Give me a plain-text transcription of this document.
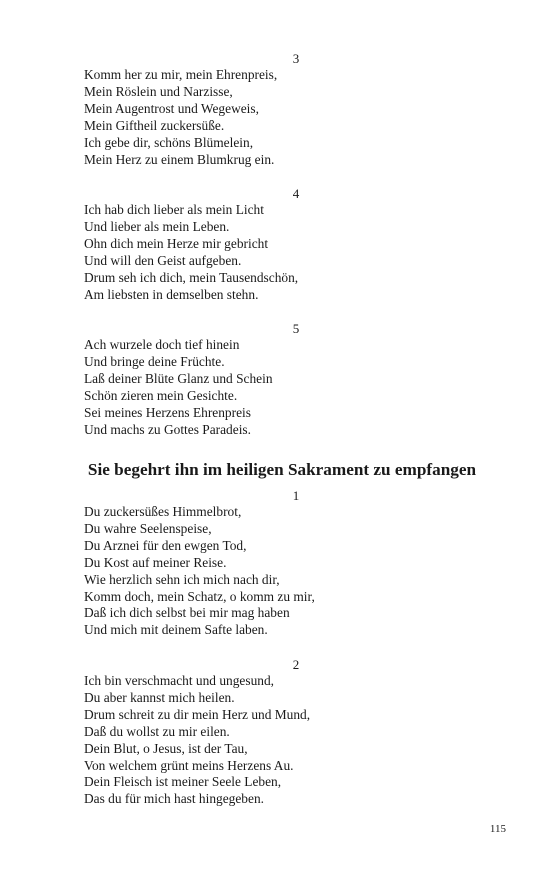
3
Komm her zu mir, mein Ehrenpreis,
Mein Röslein und Narzisse,
Mein Augentrost und Wegeweis,
Mein Giftheil zuckersüße.
Ich gebe dir, schöns Blümelein,
Mein Herz zu einem Blumkrug ein.
4
Ich hab dich lieber als mein Licht
Und lieber als mein Leben.
Ohn dich mein Herze mir gebricht
Und will den Geist aufgeben.
Drum seh ich dich, mein Tausendschön,
Am liebsten in demselben stehn.
5
Ach wurzele doch tief hinein
Und bringe deine Früchte.
Laß deiner Blüte Glanz und Schein
Schön zieren mein Gesichte.
Sei meines Herzens Ehrenpreis
Und machs zu Gottes Paradeis.
Sie begehrt ihn im heiligen Sakrament zu empfangen
1
Du zuckersüßes Himmelbrot,
Du wahre Seelenspeise,
Du Arznei für den ewgen Tod,
Du Kost auf meiner Reise.
Wie herzlich sehn ich mich nach dir,
Komm doch, mein Schatz, o komm zu mir,
Daß ich dich selbst bei mir mag haben
Und mich mit deinem Safte laben.
2
Ich bin verschmacht und ungesund,
Du aber kannst mich heilen.
Drum schreit zu dir mein Herz und Mund,
Daß du wollst zu mir eilen.
Dein Blut, o Jesus, ist der Tau,
Von welchem grünt meins Herzens Au.
Dein Fleisch ist meiner Seele Leben,
Das du für mich hast hingegeben.
115
